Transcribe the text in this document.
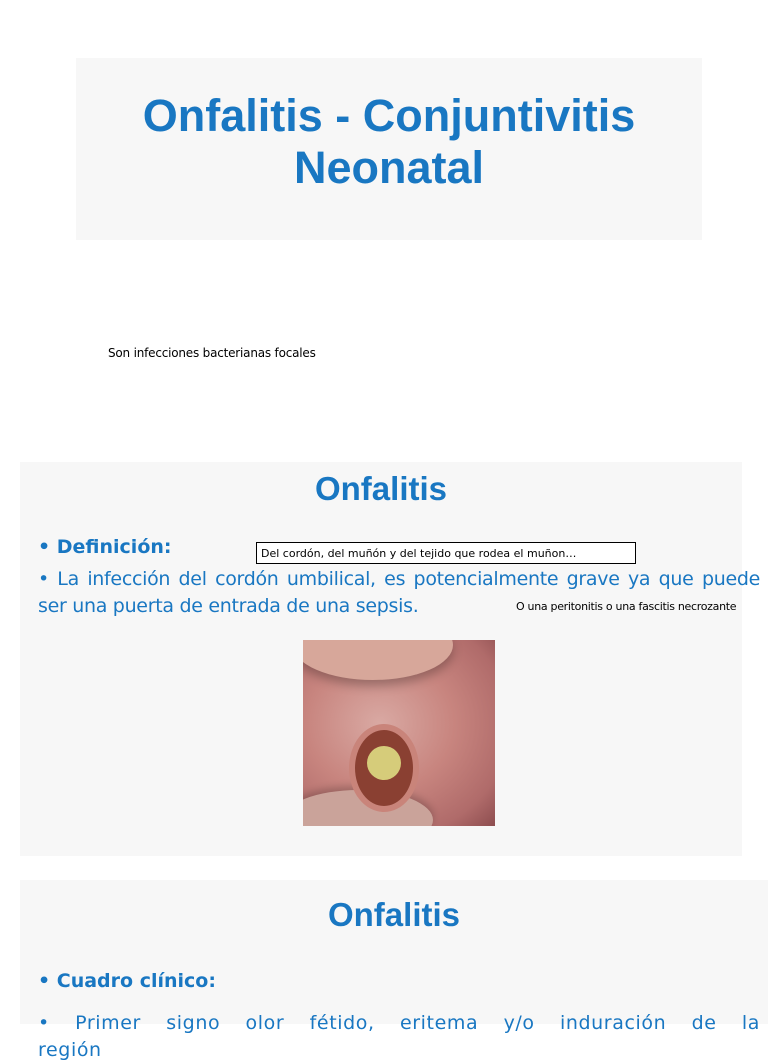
Onfalitis - Conjuntivitis
Neonatal
Son infecciones bacterianas focales
Onfalitis
• Definición:
• La infección del cordón umbilical, es potencialmente grave ya que puede ser una puerta de entrada de una sepsis.
Del cordón, del muñón y del tejido que rodea el muñon…
O una peritonitis o una fascitis necrozante
Onfalitis
• Cuadro clínico:
• Primer signo olor fétido, eritema y/o induración de la región
